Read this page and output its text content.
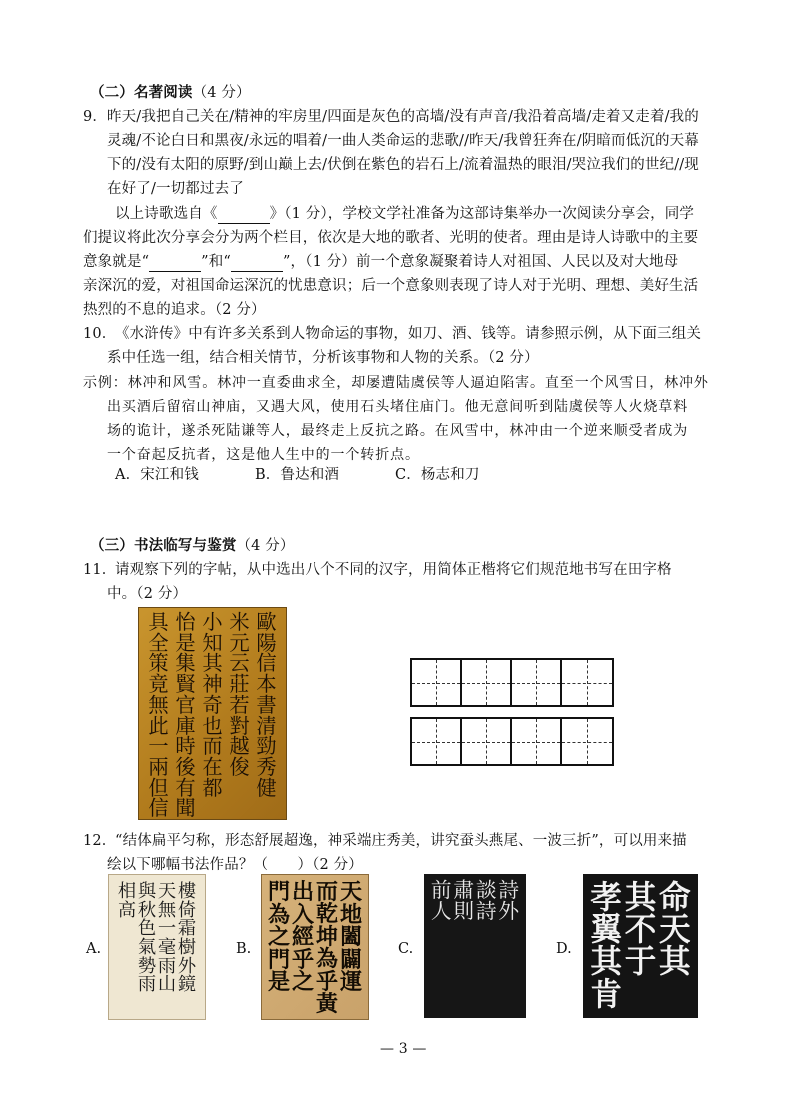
（二）名著阅读（4 分）
9． 昨天/我把自己关在/精神的牢房里/四面是灰色的高墙/没有声音/我沿着高墙/走着又走着/我的
灵魂/不论白日和黑夜/永远的唱着/一曲人类命运的悲歌//昨天/我曾狂奔在/阴暗而低沉的天幕
下的/没有太阳的原野/到山巅上去/伏倒在紫色的岩石上/流着温热的眼泪/哭泣我们的世纪//现
在好了/一切都过去了
以上诗歌选自《	》（1 分），学校文学社准备为这部诗集举办一次阅读分享会，同学
们提议将此次分享会分为两个栏目，依次是大地的歌者、光明的使者。理由是诗人诗歌中的主要
意象就是“	”和“	”，（1 分）前一个意象凝聚着诗人对祖国、人民以及对大地母
亲深沉的爱，对祖国命运深沉的忧患意识；后一个意象则表现了诗人对于光明、理想、美好生活
热烈的不息的追求。（2 分）
10．
《水浒传》中有许多关系到人物命运的事物，如刀、酒、钱等。请参照示例，从下面三组关
系中任选一组，结合相关情节，分析该事物和人物的关系。（2 分）
示例：林冲和风雪。林冲一直委曲求全，却屡遭陆虞侯等人逼迫陷害。直至一个风雪日，林冲外
出买酒后留宿山神庙，又遇大风，使用石头堵住庙门。他无意间听到陆虞侯等人火烧草料
场的诡计，遂杀死陆谦等人，最终走上反抗之路。在风雪中，林冲由一个逆来顺受者成为
一个奋起反抗者，这是他人生中的一个转折点。
A．宋江和钱	B．鲁达和酒	C．杨志和刀
（三）书法临写与鉴赏（4 分）
11．
请观察下列的字帖，从中选出八个不同的汉字，用简体正楷将它们规范地书写在田字格
中。（2 分）
歐
陽
信
本
書
清
勁
秀
健
米
元
云
莊
若
對
越
俊
小
知
其
神
奇
也
而
在
都
怡
是
集
賢
官
庫
時
後
有
聞
具
全
策
竟
無
此
一
兩
但
信
12．
“结体扁平匀称，形态舒展超逸，神采端庄秀美，讲究蚕头燕尾、一波三折”，可以用来描
绘以下哪幅书法作品？（　　）（2 分）
A.
樓
倚
霜
樹
外
鏡
天
無
一
毫
雨
山
與
秋
色
氣
勢
雨
相
高
B.
天
地
闔
闢
運
而
乾
坤
為
乎
黃
出
入
經
乎
之
門
為
之
門
是
C.
詩
外
談
詩
肅
則
前
人
D.
命
天
其
其
不
于
孝
翼
其
肯
— 3 —
